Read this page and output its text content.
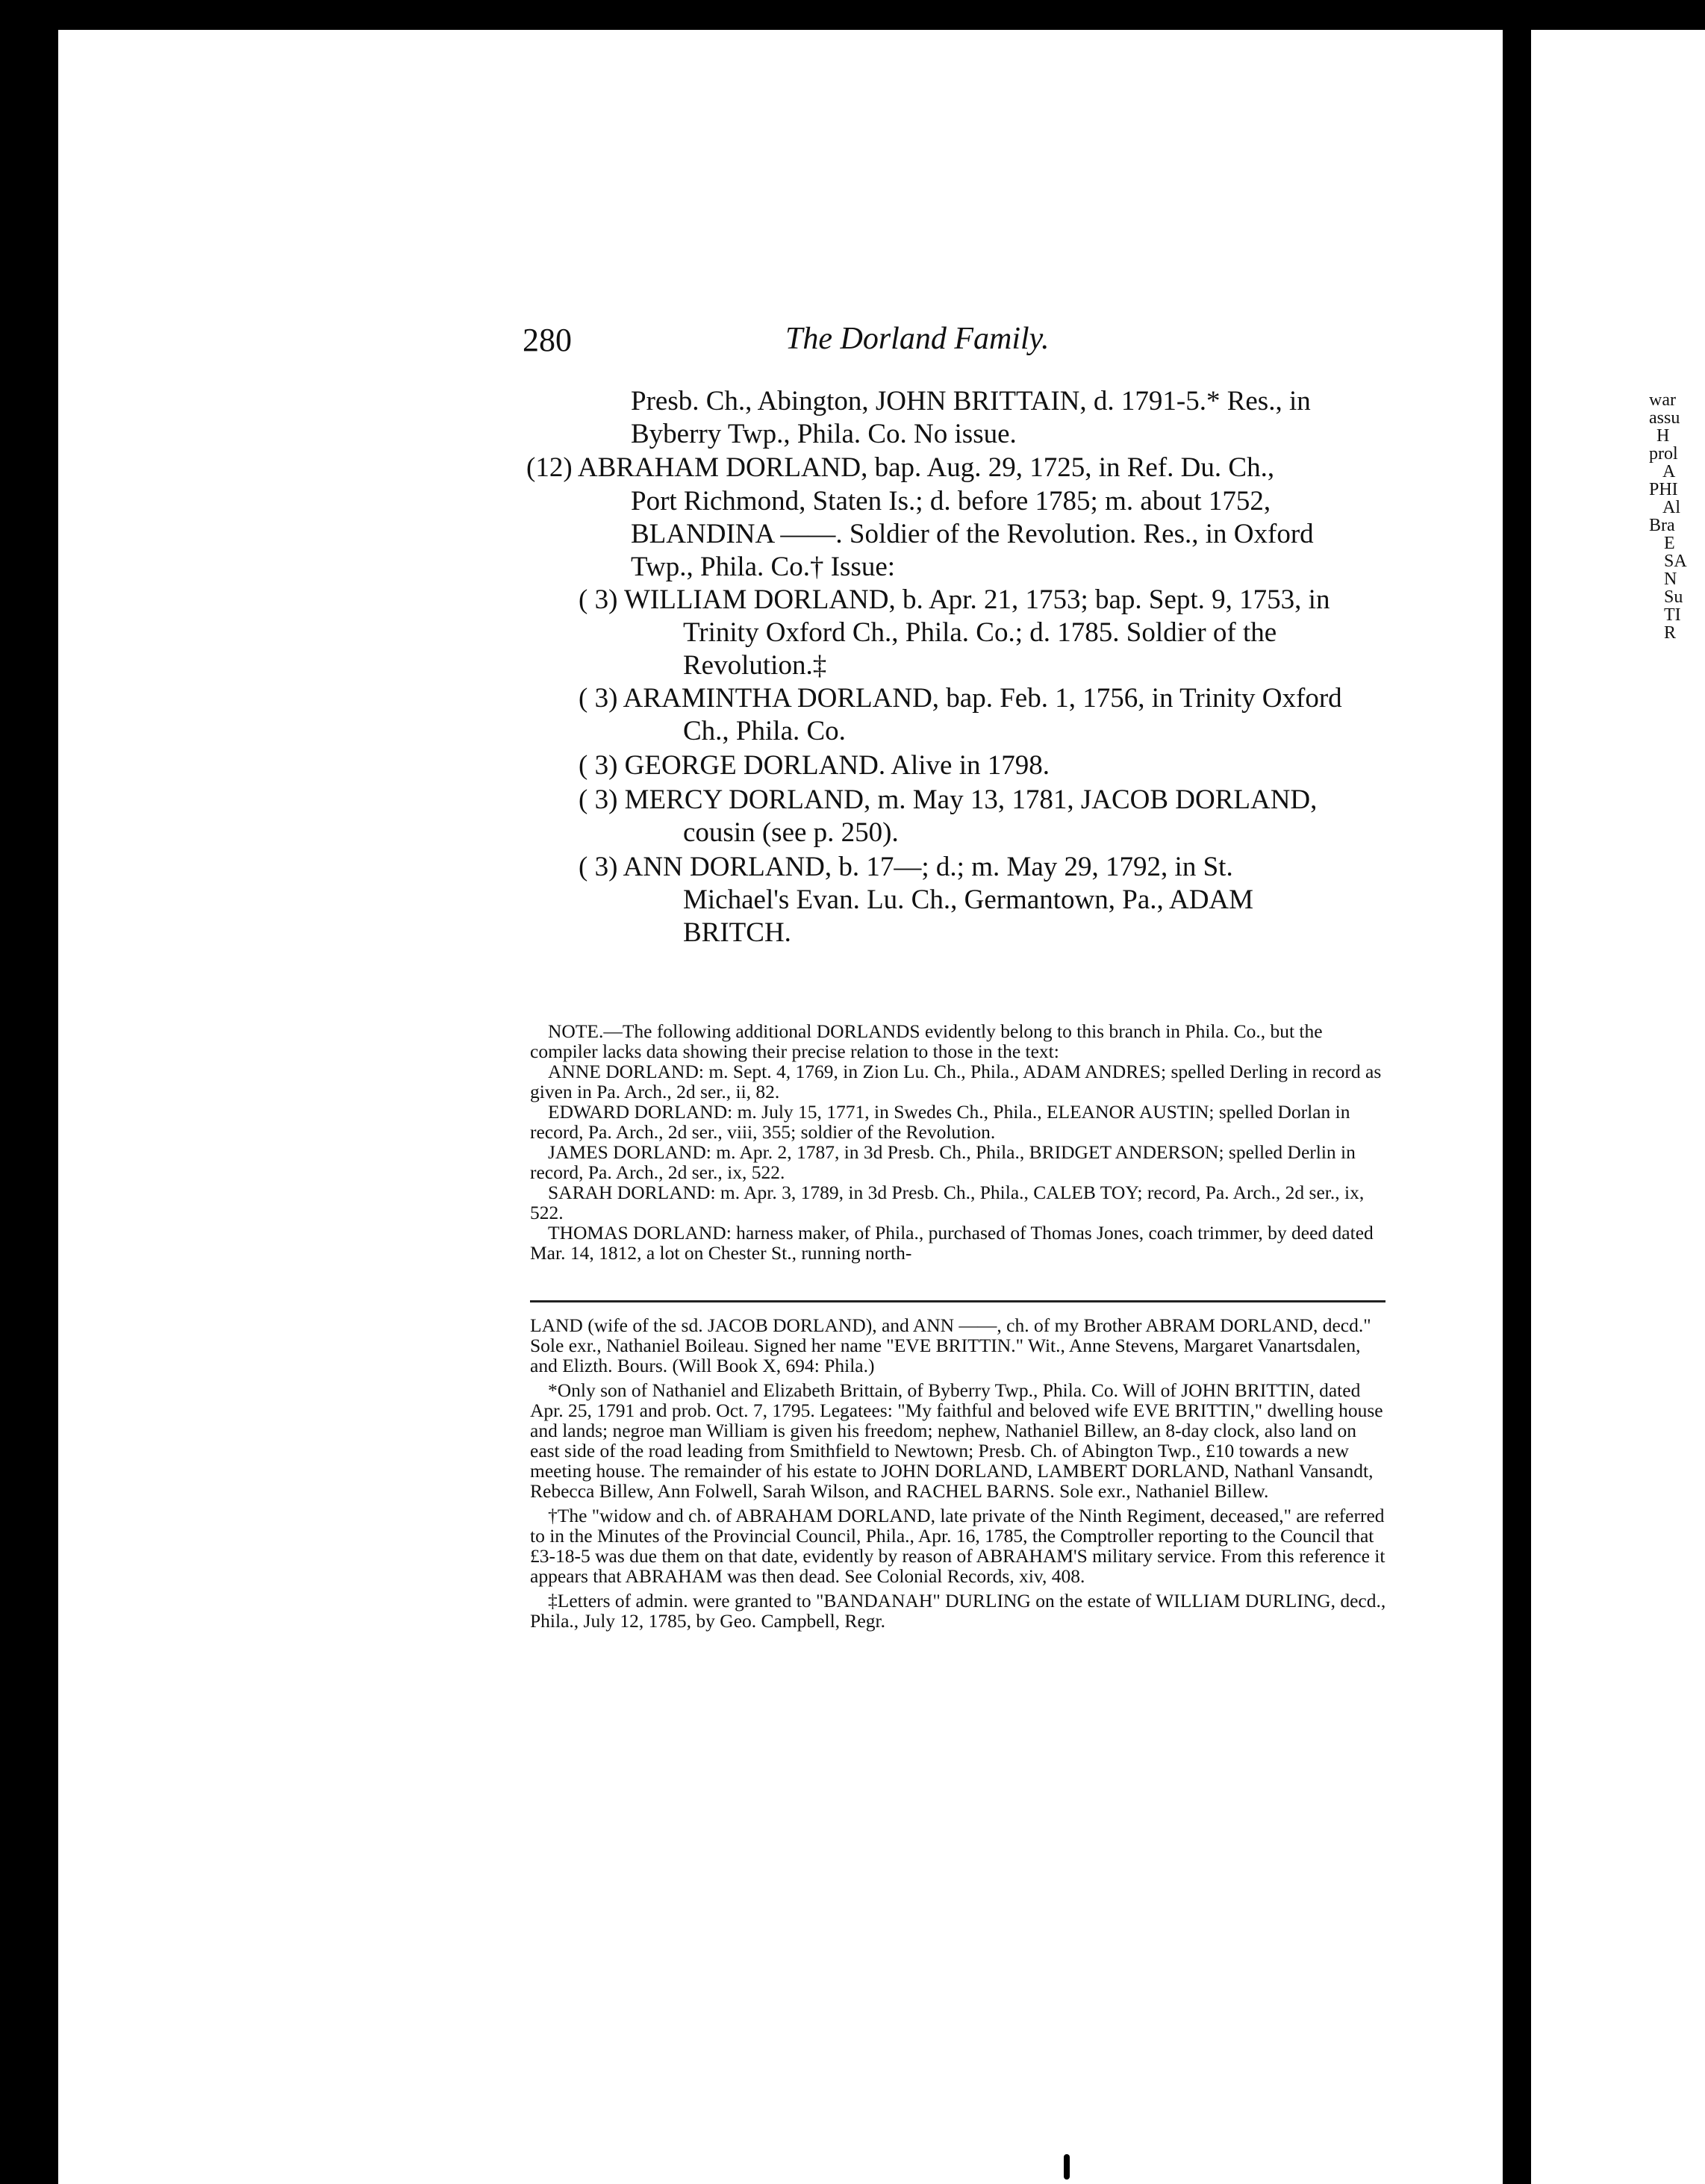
war
assu
H
prol
A
PHI
Al
Bra
E
SA
N
Su
TI
R
280	The Dorland Family.
Presb. Ch., Abington, JOHN BRITTAIN, d. 1791-5.* Res., in
Byberry Twp., Phila. Co. No issue.
(12) ABRAHAM DORLAND, bap. Aug. 29, 1725, in Ref. Du. Ch.,
Port Richmond, Staten Is.; d. before 1785; m. about 1752,
BLANDINA ——. Soldier of the Revolution. Res., in Oxford
Twp., Phila. Co.† Issue:
( 3) WILLIAM DORLAND, b. Apr. 21, 1753; bap. Sept. 9, 1753, in
Trinity Oxford Ch., Phila. Co.; d. 1785. Soldier of the
Revolution.‡
( 3) ARAMINTHA DORLAND, bap. Feb. 1, 1756, in Trinity Oxford
Ch., Phila. Co.
( 3) GEORGE DORLAND. Alive in 1798.
( 3) MERCY DORLAND, m. May 13, 1781, JACOB DORLAND,
cousin (see p. 250).
( 3) ANN DORLAND, b. 17—; d.; m. May 29, 1792, in St.
Michael's Evan. Lu. Ch., Germantown, Pa., ADAM
BRITCH.

NOTE.—The following additional DORLANDS evidently belong to this branch in Phila. Co., but the compiler lacks data showing their precise relation to those in the text:

ANNE DORLAND: m. Sept. 4, 1769, in Zion Lu. Ch., Phila., ADAM ANDRES; spelled Derling in record as given in Pa. Arch., 2d ser., ii, 82.

EDWARD DORLAND: m. July 15, 1771, in Swedes Ch., Phila., ELEANOR AUSTIN; spelled Dorlan in record, Pa. Arch., 2d ser., viii, 355; soldier of the Revolution.

JAMES DORLAND: m. Apr. 2, 1787, in 3d Presb. Ch., Phila., BRIDGET ANDERSON; spelled Derlin in record, Pa. Arch., 2d ser., ix, 522.

SARAH DORLAND: m. Apr. 3, 1789, in 3d Presb. Ch., Phila., CALEB TOY; record, Pa. Arch., 2d ser., ix, 522.

THOMAS DORLAND: harness maker, of Phila., purchased of Thomas Jones, coach trimmer, by deed dated Mar. 14, 1812, a lot on Chester St., running north-

LAND (wife of the sd. JACOB DORLAND), and ANN ——, ch. of my Brother ABRAM DORLAND, decd." Sole exr., Nathaniel Boileau. Signed her name "EVE BRITTIN." Wit., Anne Stevens, Margaret Vanartsdalen, and Elizth. Bours. (Will Book X, 694: Phila.)

*Only son of Nathaniel and Elizabeth Brittain, of Byberry Twp., Phila. Co. Will of JOHN BRITTIN, dated Apr. 25, 1791 and prob. Oct. 7, 1795. Legatees: "My faithful and beloved wife EVE BRITTIN," dwelling house and lands; negroe man William is given his freedom; nephew, Nathaniel Billew, an 8-day clock, also land on east side of the road leading from Smithfield to Newtown; Presb. Ch. of Abington Twp., £10 towards a new meeting house. The remainder of his estate to JOHN DORLAND, LAMBERT DORLAND, Nathanl Vansandt, Rebecca Billew, Ann Folwell, Sarah Wilson, and RACHEL BARNS. Sole exr., Nathaniel Billew.

†The "widow and ch. of ABRAHAM DORLAND, late private of the Ninth Regiment, deceased," are referred to in the Minutes of the Provincial Council, Phila., Apr. 16, 1785, the Comptroller reporting to the Council that £3-18-5 was due them on that date, evidently by reason of ABRAHAM'S military service. From this reference it appears that ABRAHAM was then dead. See Colonial Records, xiv, 408.

‡Letters of admin. were granted to "BANDANAH" DURLING on the estate of WILLIAM DURLING, decd., Phila., July 12, 1785, by Geo. Campbell, Regr.
